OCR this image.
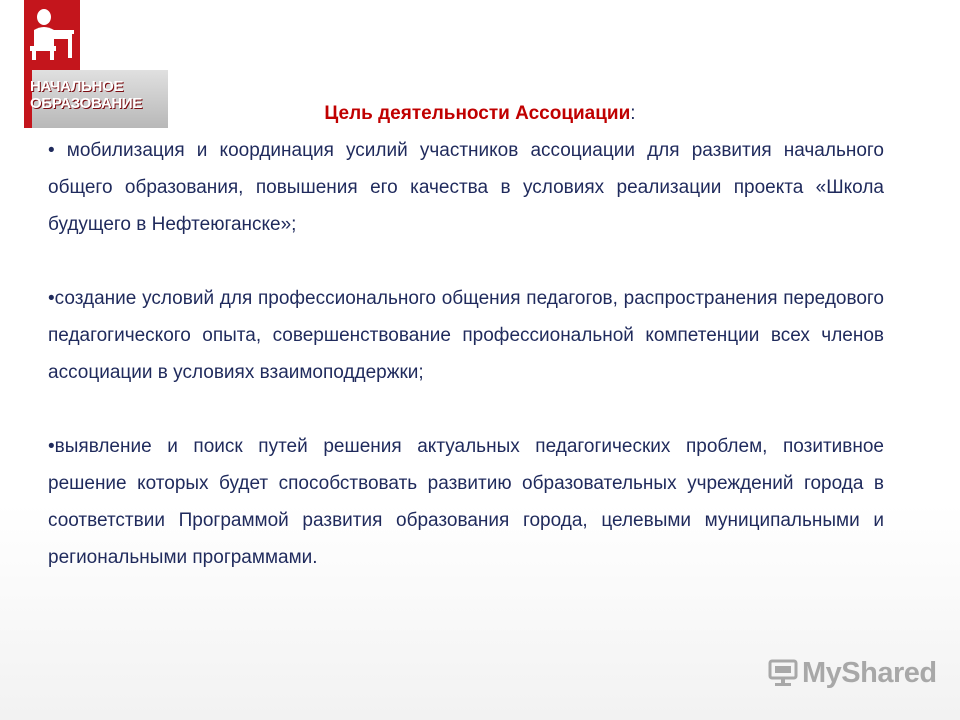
НАЧАЛЬНОЕ
ОБРАЗОВАНИЕ	Цель деятельности Ассоциации:

• мобилизация и координация усилий участников ассоциации для развития начального общего образования, повышения его качества в условиях реализации проекта «Школа будущего в Нефтеюганске»;

•создание условий для профессионального общения педагогов, распространения передового педагогического опыта, совершенствование профессиональной компетенции всех членов ассоциации в условиях взаимоподдержки;

•выявление и поиск путей решения актуальных педагогических проблем, позитивное решение которых будет способствовать развитию образовательных учреждений города в соответствии Программой развития образования города, целевыми муниципальными и региональными программами.

MyShared
